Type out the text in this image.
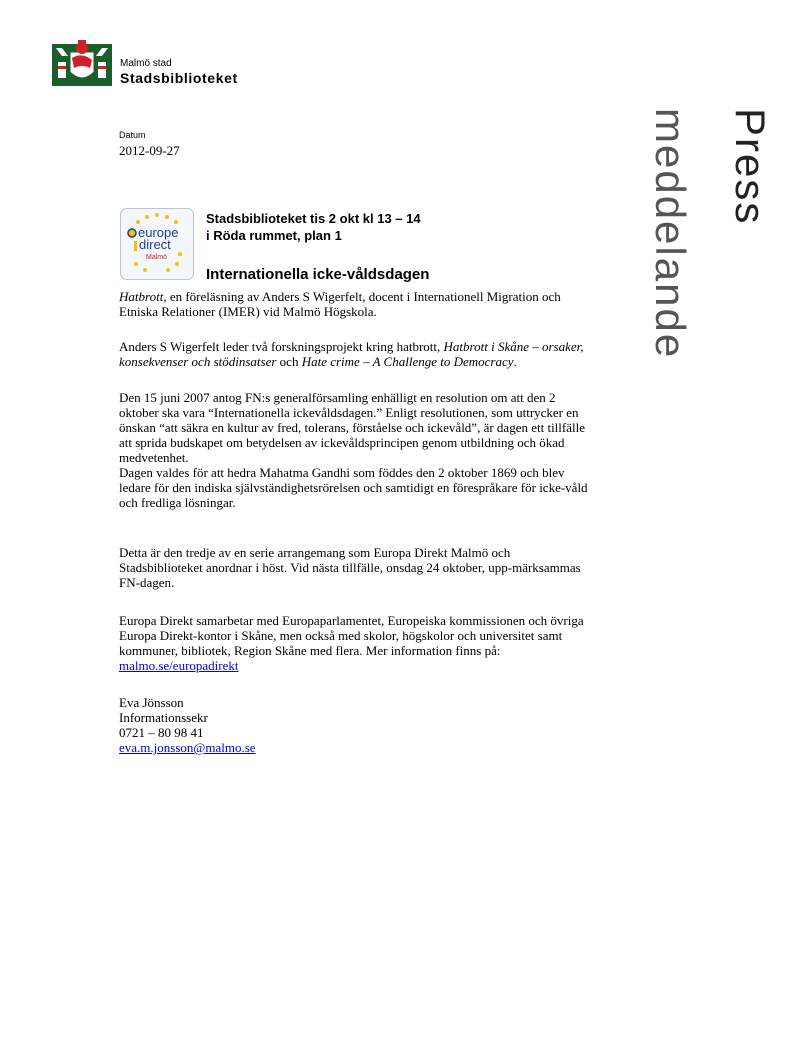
Malmö stad
Stadsbiblioteket
Datum
2012-09-27	Press
meddelande
europe
direct
Malmö
Stadsbiblioteket tis 2 okt kl 13 – 14
i Röda rummet, plan 1
Internationella icke-våldsdagen

Hatbrott, en föreläsning av Anders S Wigerfelt, docent i Internationell Migration och Etniska Relationer (IMER) vid Malmö Högskola.

Anders S Wigerfelt leder två forskningsprojekt kring hatbrott, Hatbrott i Skåne – orsaker, konsekvenser och stödinsatser och Hate crime – A Challenge to Democracy.

Den 15 juni 2007 antog FN:s generalförsamling enhälligt en resolution om att den 2 oktober ska vara “Internationella ickevåldsdagen.” Enligt resolutionen, som uttrycker en önskan “att säkra en kultur av fred, tolerans, förståelse och ickevåld”, är dagen ett tillfälle att sprida budskapet om betydelsen av ickevåldsprincipen genom utbildning och ökad medvetenhet.

Dagen valdes för att hedra Mahatma Gandhi som föddes den 2 oktober 1869 och blev ledare för den indiska självständighetsrörelsen och samtidigt en förespråkare för icke-våld och fredliga lösningar.

Detta är den tredje av en serie arrangemang som Europa Direkt Malmö och Stadsbiblioteket anordnar i höst. Vid nästa tillfälle, onsdag 24 oktober, upp-märksammas FN-dagen.

Europa Direkt samarbetar med Europaparlamentet, Europeiska kommissionen och övriga Europa Direkt-kontor i Skåne, men också med skolor, högskolor och universitet samt kommuner, bibliotek, Region Skåne med flera. Mer information finns på: malmo.se/europadirekt

Eva Jönsson

Informationssekr

0721 – 80 98 41

eva.m.jonsson@malmo.se
